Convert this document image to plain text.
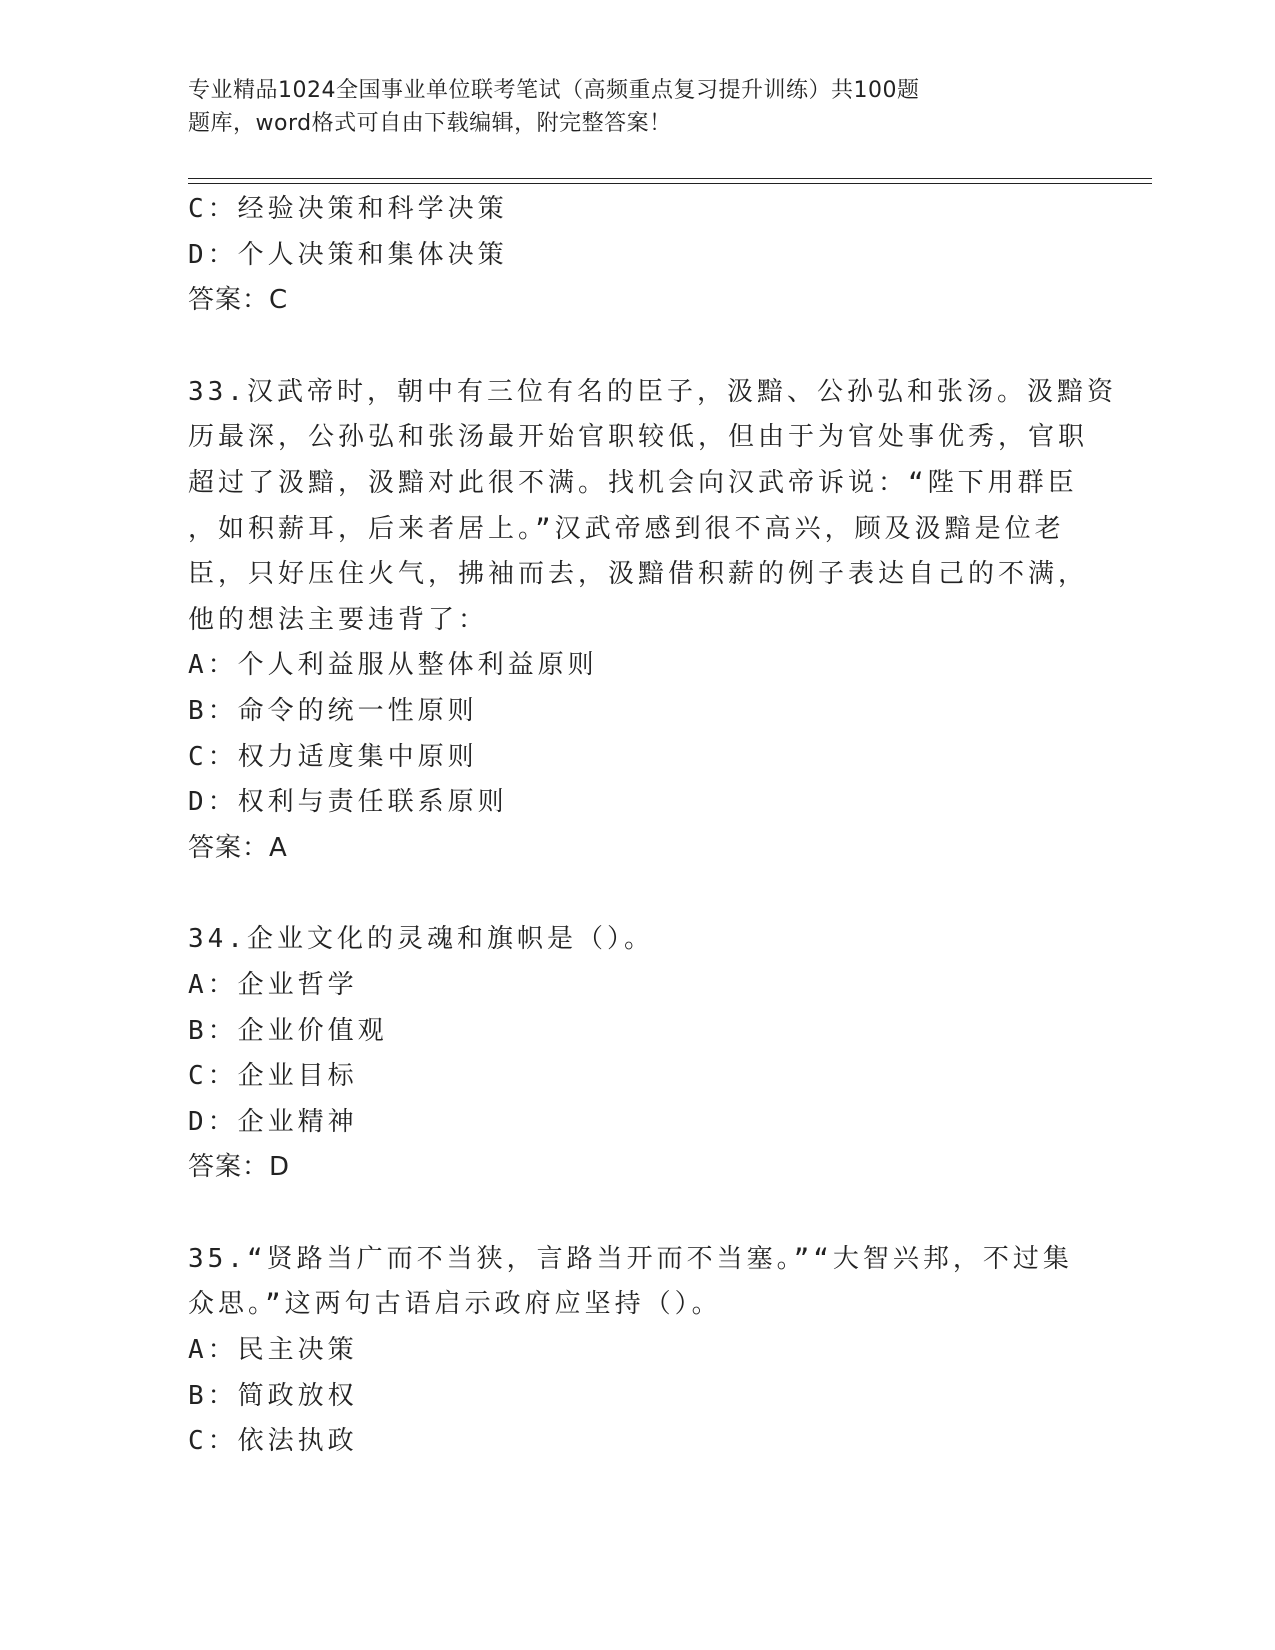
专业精品1024全国事业单位联考笔试（高频重点复习提升训练）共100题
题库，word格式可自由下载编辑，附完整答案！
C：经验决策和科学决策
D：个人决策和集体决策
答案：C
33.汉武帝时，朝中有三位有名的臣子，汲黯、公孙弘和张汤。汲黯资
历最深，公孙弘和张汤最开始官职较低，但由于为官处事优秀，官职
超过了汲黯，汲黯对此很不满。找机会向汉武帝诉说：“陛下用群臣
，如积薪耳，后来者居上。”汉武帝感到很不高兴，顾及汲黯是位老
臣，只好压住火气，拂袖而去，汲黯借积薪的例子表达自己的不满，
他的想法主要违背了：
A：个人利益服从整体利益原则
B：命令的统一性原则
C：权力适度集中原则
D：权利与责任联系原则
答案：A
34.企业文化的灵魂和旗帜是（）。
A：企业哲学
B：企业价值观
C：企业目标
D：企业精神
答案：D
35.“贤路当广而不当狭，言路当开而不当塞。”“大智兴邦，不过集
众思。”这两句古语启示政府应坚持（）。
A：民主决策
B：简政放权
C：依法执政
